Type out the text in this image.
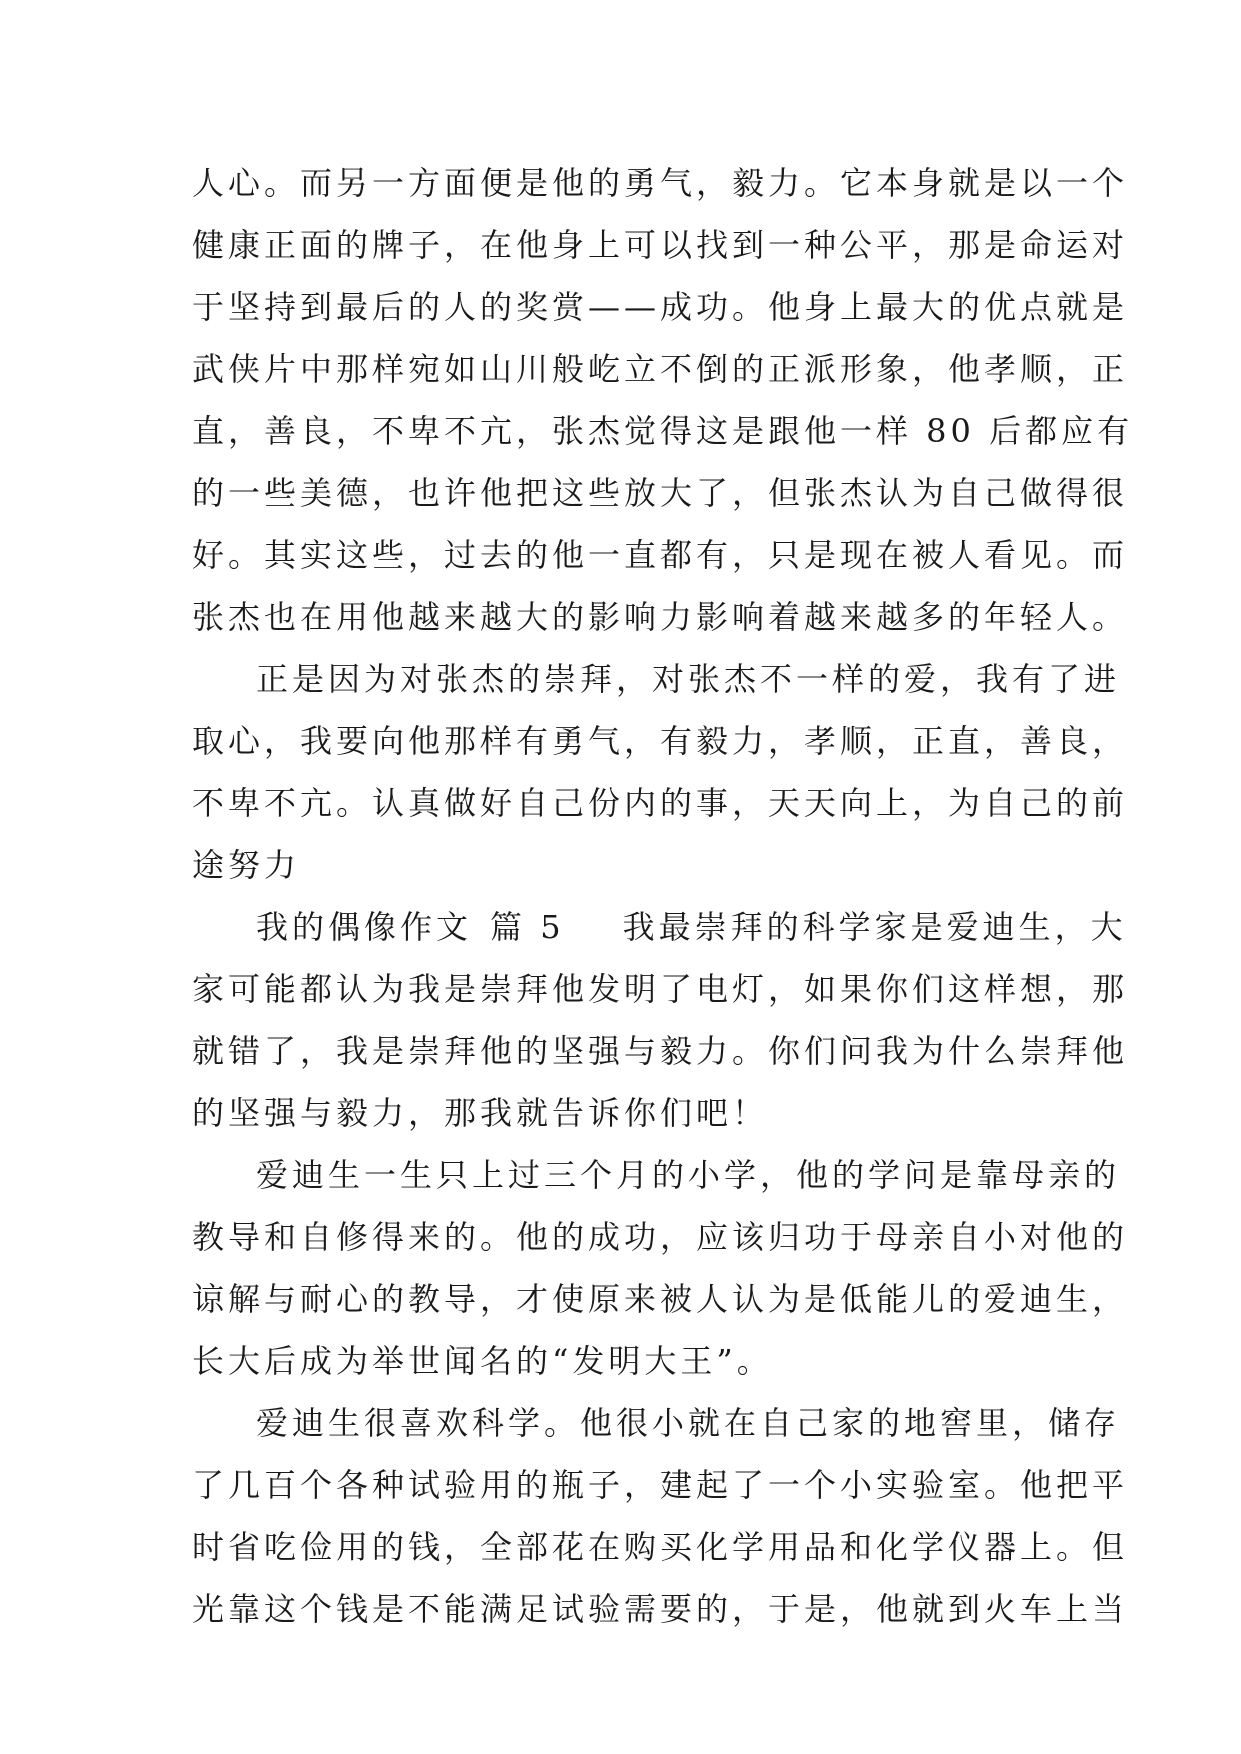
人心。而另一方面便是他的勇气，毅力。它本身就是以一个
健康正面的牌子，在他身上可以找到一种公平，那是命运对
于坚持到最后的人的奖赏——成功。他身上最大的优点就是
武侠片中那样宛如山川般屹立不倒的正派形象，他孝顺，正
直，善良，不卑不亢，张杰觉得这是跟他一样 80 后都应有
的一些美德，也许他把这些放大了，但张杰认为自己做得很
好。其实这些，过去的他一直都有，只是现在被人看见。而
张杰也在用他越来越大的影响力影响着越来越多的年轻人。
正是因为对张杰的崇拜，对张杰不一样的爱，我有了进
取心，我要向他那样有勇气，有毅力，孝顺，正直，善良，
不卑不亢。认真做好自己份内的事，天天向上，为自己的前
途努力
我的偶像作文 篇 5 我最崇拜的科学家是爱迪生，大
家可能都认为我是崇拜他发明了电灯，如果你们这样想，那
就错了，我是崇拜他的坚强与毅力。你们问我为什么崇拜他
的坚强与毅力，那我就告诉你们吧！
爱迪生一生只上过三个月的小学，他的学问是靠母亲的
教导和自修得来的。他的成功，应该归功于母亲自小对他的
谅解与耐心的教导，才使原来被人认为是低能儿的爱迪生，
长大后成为举世闻名的“发明大王”。
爱迪生很喜欢科学。他很小就在自己家的地窖里，储存
了几百个各种试验用的瓶子，建起了一个小实验室。他把平
时省吃俭用的钱，全部花在购买化学用品和化学仪器上。但
光靠这个钱是不能满足试验需要的，于是，他就到火车上当
